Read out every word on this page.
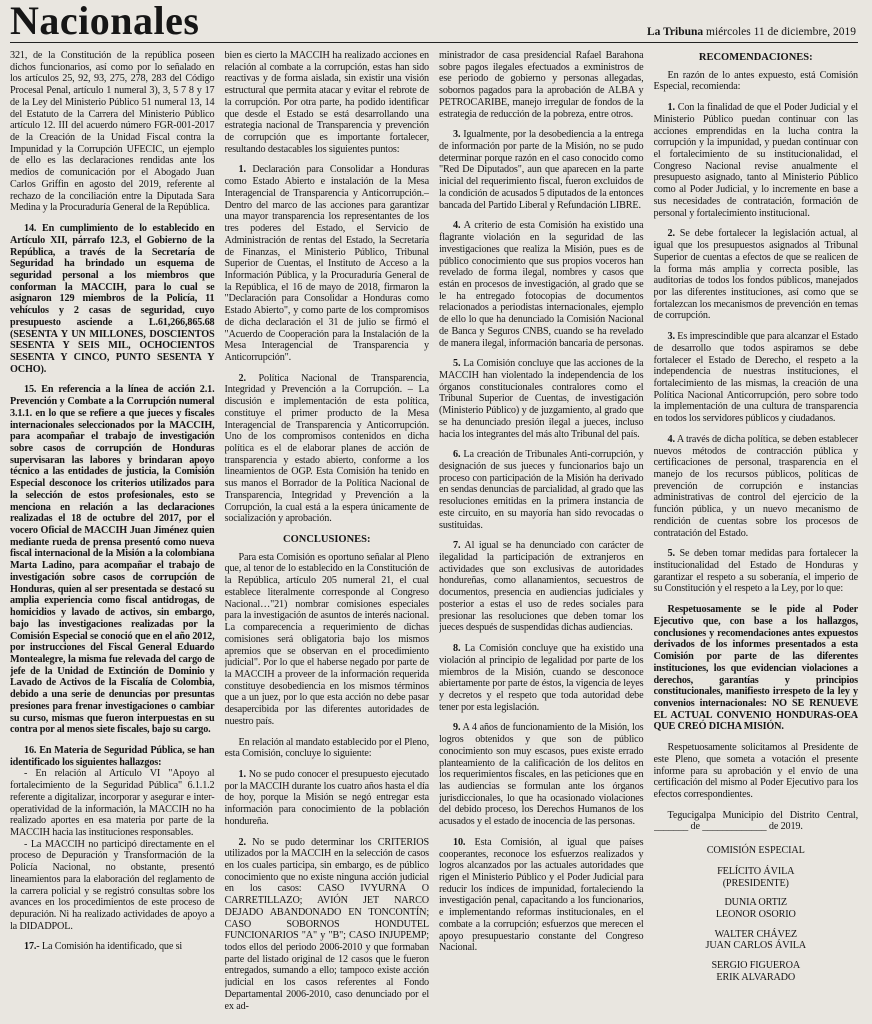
Nacionales	La Tribuna miércoles 11 de diciembre, 2019

321, de la Constitución de la república poseen dichos funcionarios, así como por lo señalado en los artículos 25, 92, 93, 275, 278, 283 del Código Procesal Penal, artículo 1 numeral 3), 3, 5 7 8 y 17 de la Ley del Ministerio Público 51 numeral 13, 14 del Estatuto de la Carrera del Ministerio Público artículo 12. III del acuerdo número FGR-001-2017 de la Creación de la Unidad Fiscal contra la Impunidad y la Corrupción UFECIC, un ejemplo de ello es las declaraciones rendidas ante los medios de comunicación por el Abogado Juan Carlos Griffin en agosto del 2019, referente al rechazo de la conciliación entre la Diputada Sara Medina y la Procuraduría General de la República.

14. En cumplimiento de lo establecido en Artículo XII, párrafo 12.3, el Gobierno de la República, a través de la Secretaría de Seguridad ha brindado un esquema de seguridad personal a los miembros que conforman la MACCIH, para lo cual se asignaron 129 miembros de la Policía, 11 vehículos y 2 casas de seguridad, cuyo presupuesto asciende a L.61,266,865.68 (SESENTA Y UN MILLONES, DOSCIENTOS SESENTA Y SEIS MIL, OCHOCIENTOS SESENTA Y CINCO, PUNTO SESENTA Y OCHO).

15. En referencia a la línea de acción 2.1. Prevención y Combate a la Corrupción numeral 3.1.1. en lo que se refiere a que jueces y fiscales internacionales seleccionados por la MACCIH, para acompañar el trabajo de investigación sobre casos de corrupción de Honduras supervisaran las labores y brindaran apoyo técnico a las entidades de justicia, la Comisión Especial desconoce los criterios utilizados para la selección de estos profesionales, esto se menciona en relación a las declaraciones realizadas el 18 de octubre del 2017, por el vocero Oficial de MACCIH Juan Jiménez quien mediante rueda de prensa presentó como nueva fiscal internacional de la Misión a la colombiana Marta Ladino, para acompañar el trabajo de investigación sobre casos de corrupción de Honduras, quien al ser presentada se destacó su amplia experiencia como fiscal antidrogas, de homicidios y lavado de activos, sin embargo, bajo las investigaciones realizadas por la Comisión Especial se conoció que en el año 2012, por instrucciones del Fiscal General Eduardo Montealegre, la misma fue relevada del cargo de jefe de la Unidad de Extinción de Dominio y Lavado de Activos de la Fiscalía de Colombia, debido a una serie de denuncias por presuntas presiones para frenar investigaciones o cambiar su curso, mismas que fueron interpuestas en su contra por al menos siete fiscales, bajo su cargo.

16. En Materia de Seguridad Pública, se han identificado los siguientes hallazgos:

- En relación al Artículo VI "Apoyo al fortalecimiento de la Seguridad Pública" 6.1.1.2 referente a digitalizar, incorporar y asegurar e inter-operatividad de la información, la MACCIH no ha realizado aportes en esa materia por parte de la MACCIH hacia las instituciones responsables.

- La MACCIH no participó directamente en el proceso de Depuración y Transformación de la Policía Nacional, no obstante, presentó lineamientos para la elaboración del reglamento de la carrera policial y se registró consultas sobre los avances en los procedimientos de este proceso de depuración. Ni ha realizado actividades de apoyo a la DIDADPOL.

17.- La Comisión ha identificado, que si

bien es cierto la MACCIH ha realizado acciones en relación al combate a la corrupción, estas han sido reactivas y de forma aislada, sin existir una visión estructural que permita atacar y evitar el rebrote de la corrupción. Por otra parte, ha podido identificar que desde el Estado se está desarrollando una estrategia nacional de Transparencia y prevención de corrupción que es importante fortalecer, resultando destacables los siguientes puntos:

1. Declaración para Consolidar a Honduras como Estado Abierto e instalación de la Mesa Interagencial de Transparencia y Anticorrupción.– Dentro del marco de las acciones para garantizar una mayor transparencia los representantes de los tres poderes del Estado, el Servicio de Administración de rentas del Estado, la Secretaría de Finanzas, el Ministerio Público, Tribunal Superior de Cuentas, el Instituto de Acceso a la Información Pública, y la Procuraduría General de la República, el 16 de mayo de 2018, firmaron la "Declaración para Consolidar a Honduras como Estado Abierto", y como parte de los compromisos de dicha declaración el 31 de julio se firmó el "Acuerdo de Cooperación para la Instalación de la Mesa Interagencial de Transparencia y Anticorrupción".

2. Política Nacional de Transparencia, Integridad y Prevención a la Corrupción. – La discusión e implementación de esta política, constituye el primer producto de la Mesa Interagencial de Transparencia y Anticorrupción. Uno de los compromisos contenidos en dicha política es el de elaborar planes de acción de transparencia y estado abierto, conforme a los lineamientos de OGP. Esta Comisión ha tenido en sus manos el Borrador de la Política Nacional de Transparencia, Integridad y Prevención a la Corrupción, la cual está a la espera únicamente de socialización y aprobación.

CONCLUSIONES:

Para esta Comisión es oportuno señalar al Pleno que, al tenor de lo establecido en la Constitución de la República, artículo 205 numeral 21, el cual establece literalmente corresponde al Congreso Nacional…"21) nombrar comisiones especiales para la investigación de asuntos de interés nacional. La comparecencia a requerimiento de dichas comisiones será obligatoria bajo los mismos apremios que se observan en el procedimiento judicial". Por lo que el haberse negado por parte de la MACCIH a proveer de la información requerida constituye desobediencia en los mismos términos que a un juez, por lo que esta acción no debe pasar desapercibida por las diferentes autoridades de nuestro país.

En relación al mandato establecido por el Pleno, esta Comisión, concluye lo siguiente:

1. No se pudo conocer el presupuesto ejecutado por la MACCIH durante los cuatro años hasta el día de hoy, porque la Misión se negó entregar esta información para conocimiento de la población hondureña.

2. No se pudo determinar los CRITERIOS utilizados por la MACCIH en la selección de casos en los cuales participa, sin embargo, es de público conocimiento que no existe ninguna acción judicial en los casos: CASO IVYURNA O CARRETILLAZO; AVIÓN JET NARCO DEJADO ABANDONADO EN TONCONTÍN; CASO SOBORNOS HONDUTEL FUNCIONARIOS "A" y "B"; CASO INJUPEMP; todos ellos del periodo 2006-2010 y que formaban parte del listado original de 12 casos que le fueron entregados, sumando a ello; tampoco existe acción judicial en los casos referentes al Fondo Departamental 2006-2010, caso denunciado por el ex ad-

ministrador de casa presidencial Rafael Barahona sobre pagos ilegales efectuados a exministros de ese periodo de gobierno y personas allegadas, sobornos pagados para la aprobación de ALBA y PETROCARIBE, manejo irregular de fondos de la estrategia de reducción de la pobreza, entre otros.

3. Igualmente, por la desobediencia a la entrega de información por parte de la Misión, no se pudo determinar porque razón en el caso conocido como "Red De Diputados", aun que aparecen en la parte inicial del requerimiento fiscal, fueron excluidos de la condición de acusados 5 diputados de la entonces bancada del Partido Liberal y Refundación LIBRE.

4. A criterio de esta Comisión ha existido una flagrante violación en la seguridad de las investigaciones que realiza la Misión, pues es de público conocimiento que sus propios voceros han revelado de forma ilegal, nombres y casos que están en procesos de investigación, al grado que se le ha entregado fotocopias de documentos relacionados a periodistas internacionales, ejemplo de ello lo que ha denunciado la Comisión Nacional de Banca y Seguros CNBS, cuando se ha revelado de manera ilegal, información bancaria de personas.

5. La Comisión concluye que las acciones de la MACCIH han violentado la independencia de los órganos constitucionales contralores como el Tribunal Superior de Cuentas, de investigación (Ministerio Público) y de juzgamiento, al grado que se ha denunciado presión ilegal a jueces, incluso hacia los integrantes del más alto Tribunal del país.

6. La creación de Tribunales Anti-corrupción, y designación de sus jueces y funcionarios bajo un proceso con participación de la Misión ha derivado en sendas denuncias de parcialidad, al grado que las resoluciones emitidas en la primera instancia de este circuito, en su mayoría han sido revocadas o sustituidas.

7. Al igual se ha denunciado con carácter de ilegalidad la participación de extranjeros en actividades que son exclusivas de autoridades hondureñas, como allanamientos, secuestros de documentos, presencia en audiencias judiciales y posterior a estas el uso de redes sociales para presionar las resoluciones que deben tomar los jueces después de suspendidas dichas audiencias.

8. La Comisión concluye que ha existido una violación al principio de legalidad por parte de los miembros de la Misión, cuando se desconoce abiertamente por parte de éstos, la vigencia de leyes y decretos y el respeto que toda autoridad debe tener por esta legislación.

9. A 4 años de funcionamiento de la Misión, los logros obtenidos y que son de público conocimiento son muy escasos, pues existe errado planteamiento de la calificación de los delitos en los requerimientos fiscales, en las peticiones que en las audiencias se formulan ante los órganos jurisdiccionales, lo que ha ocasionado violaciones del debido proceso, los Derechos Humanos de los acusados y el estado de inocencia de las personas.

10. Esta Comisión, al igual que países cooperantes, reconoce los esfuerzos realizados y logros alcanzados por las actuales autoridades que rigen el Ministerio Público y el Poder Judicial para reducir los índices de impunidad, fortaleciendo la investigación penal, capacitando a los funcionarios, e implementando reformas institucionales, en el combate a la corrupción; esfuerzos que merecen el apoyo presupuestario constante del Congreso Nacional.

RECOMENDACIONES:

En razón de lo antes expuesto, está Comisión Especial, recomienda:

1. Con la finalidad de que el Poder Judicial y el Ministerio Público puedan continuar con las acciones emprendidas en la lucha contra la corrupción y la impunidad, y puedan continuar con el fortalecimiento de su institucionalidad, el Congreso Nacional revise anualmente el presupuesto asignado, tanto al Ministerio Público como al Poder Judicial, y lo incremente en base a sus necesidades de contratación, formación de personal y fortalecimiento institucional.

2. Se debe fortalecer la legislación actual, al igual que los presupuestos asignados al Tribunal Superior de cuentas a efectos de que se realicen de la forma más amplia y correcta posible, las auditorias de todos los fondos públicos, manejados por las diferentes instituciones, así como que se fortalezcan los mecanismos de prevención en temas de corrupción.

3. Es imprescindible que para alcanzar el Estado de desarrollo que todos aspiramos se debe fortalecer el Estado de Derecho, el respeto a la independencia de nuestras instituciones, el fortalecimiento de las mismas, la creación de una Política Nacional Anticorrupción, pero sobre todo la implementación de una cultura de transparencia en todos los servidores públicos y ciudadanos.

4. A través de dicha política, se deben establecer nuevos métodos de contracción pública y certificaciones de personal, trasparencia en el manejo de los recursos públicos, políticas de prevención de corrupción e instancias administrativas de control del ejercicio de la función pública, y un nuevo mecanismo de rendición de cuentas sobre los procesos de contratación del Estado.

5. Se deben tomar medidas para fortalecer la institucionalidad del Estado de Honduras y garantizar el respeto a su soberanía, el imperio de su Constitución y el respeto a la Ley, por lo que:

Respetuosamente se le pide al Poder Ejecutivo que, con base a los hallazgos, conclusiones y recomendaciones antes expuestos derivados de los informes presentados a esta Comisión por parte de las diferentes instituciones, los que evidencian violaciones a derechos, garantías y principios constitucionales, manifiesto irrespeto de la ley y convenios internacionales: NO SE RENUEVE EL ACTUAL CONVENIO HONDURAS-OEA QUE CREÓ DICHA MISIÓN.

Respetuosamente solicitamos al Presidente de este Pleno, que someta a votación el presente informe para su aprobación y el envío de una certificación del mismo al Poder Ejecutivo para los efectos correspondientes.

Tegucigalpa Municipio del Distrito Central, _______ de _____________ de 2019.

COMISIÓN ESPECIAL

FELÍCITO ÁVILA
(PRESIDENTE)
DUNIA ORTIZ
LEONOR OSORIO
WALTER CHÁVEZ
JUAN CARLOS ÁVILA
SERGIO FIGUEROA
ERIK ALVARADO
